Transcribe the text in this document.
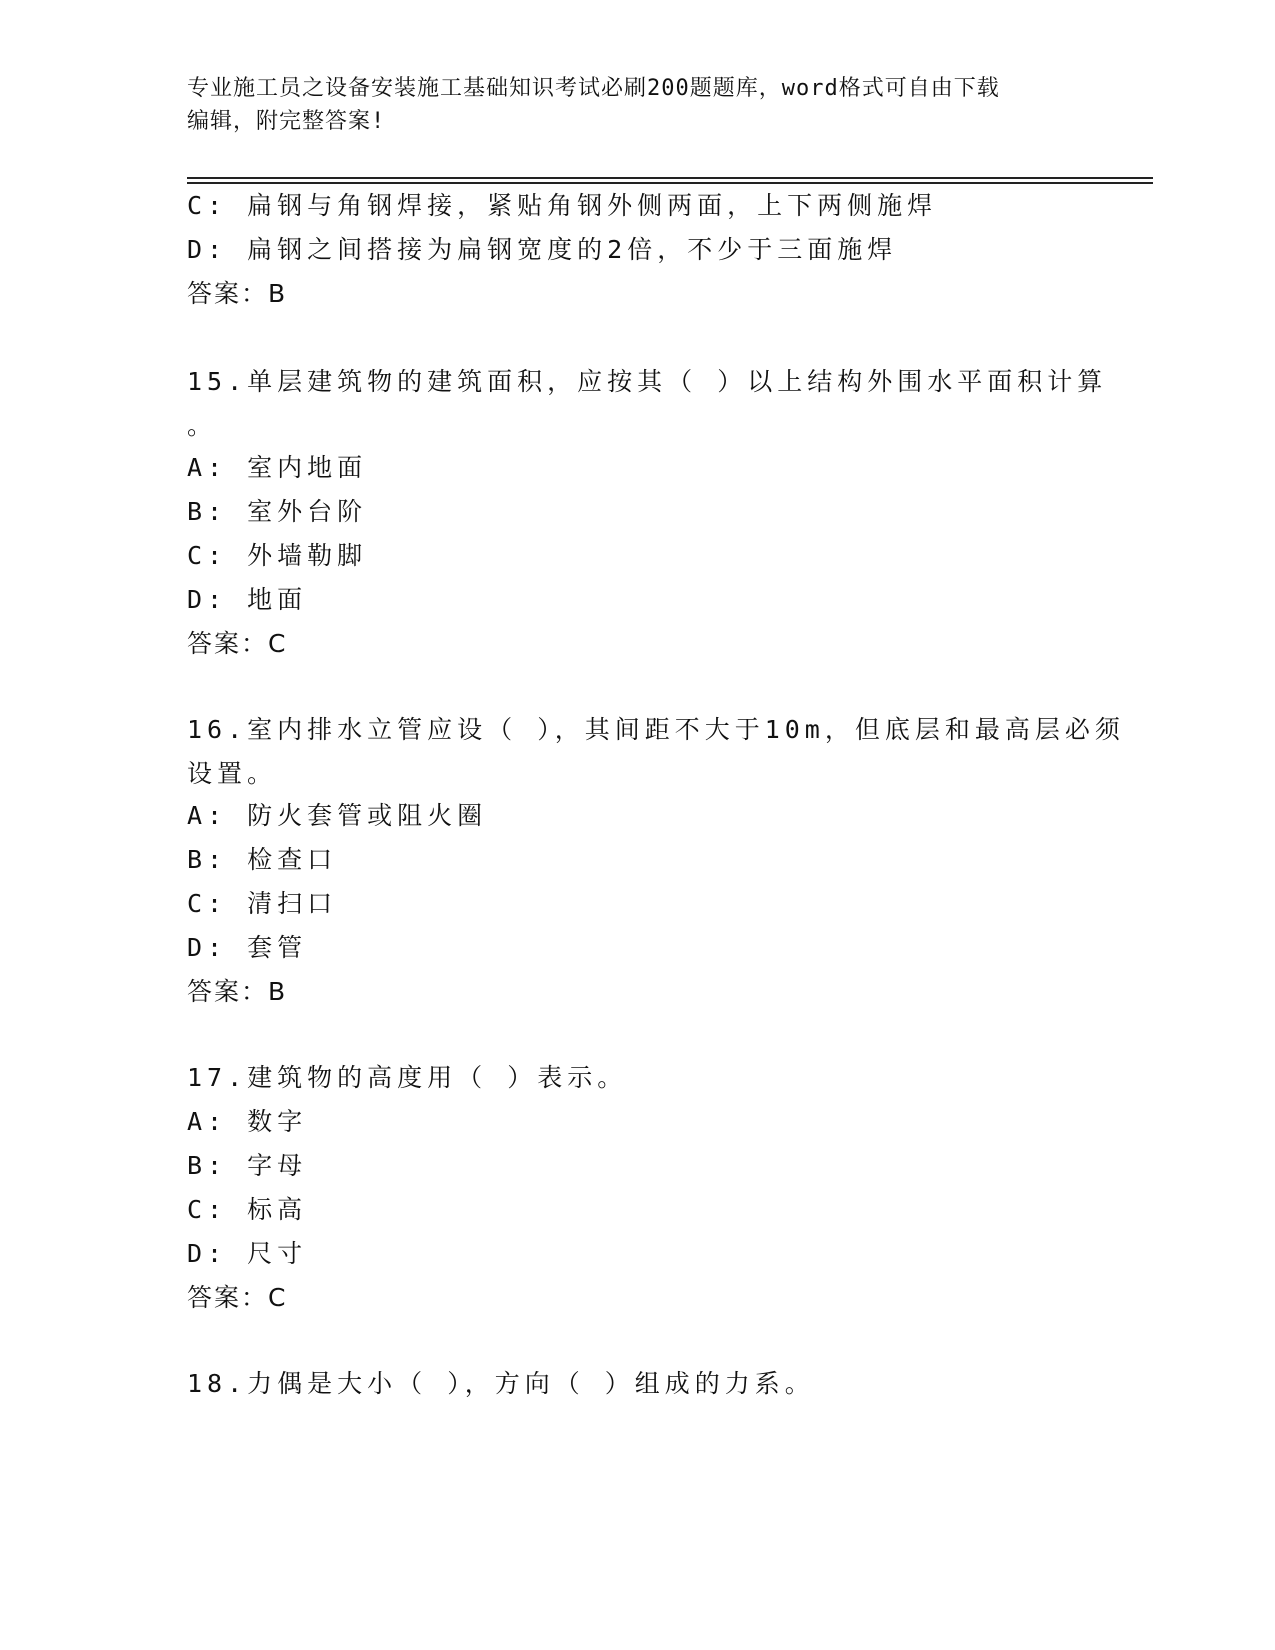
专业施工员之设备安装施工基础知识考试必刷200题题库，word格式可自由下载
编辑，附完整答案!
C: 扁钢与角钢焊接，紧贴角钢外侧两面，上下两侧施焊
D: 扁钢之间搭接为扁钢宽度的2倍，不少于三面施焊
答案：B
15.单层建筑物的建筑面积，应按其（ ）以上结构外围水平面积计算
。
A: 室内地面
B: 室外台阶
C: 外墙勒脚
D: 地面
答案：C
16.室内排水立管应设（ ），其间距不大于10m，但底层和最高层必须
设置。
A: 防火套管或阻火圈
B: 检查口
C: 清扫口
D: 套管
答案：B
17.建筑物的高度用（ ）表示。
A: 数字
B: 字母
C: 标高
D: 尺寸
答案：C
18.力偶是大小（ ），方向（ ）组成的力系。
